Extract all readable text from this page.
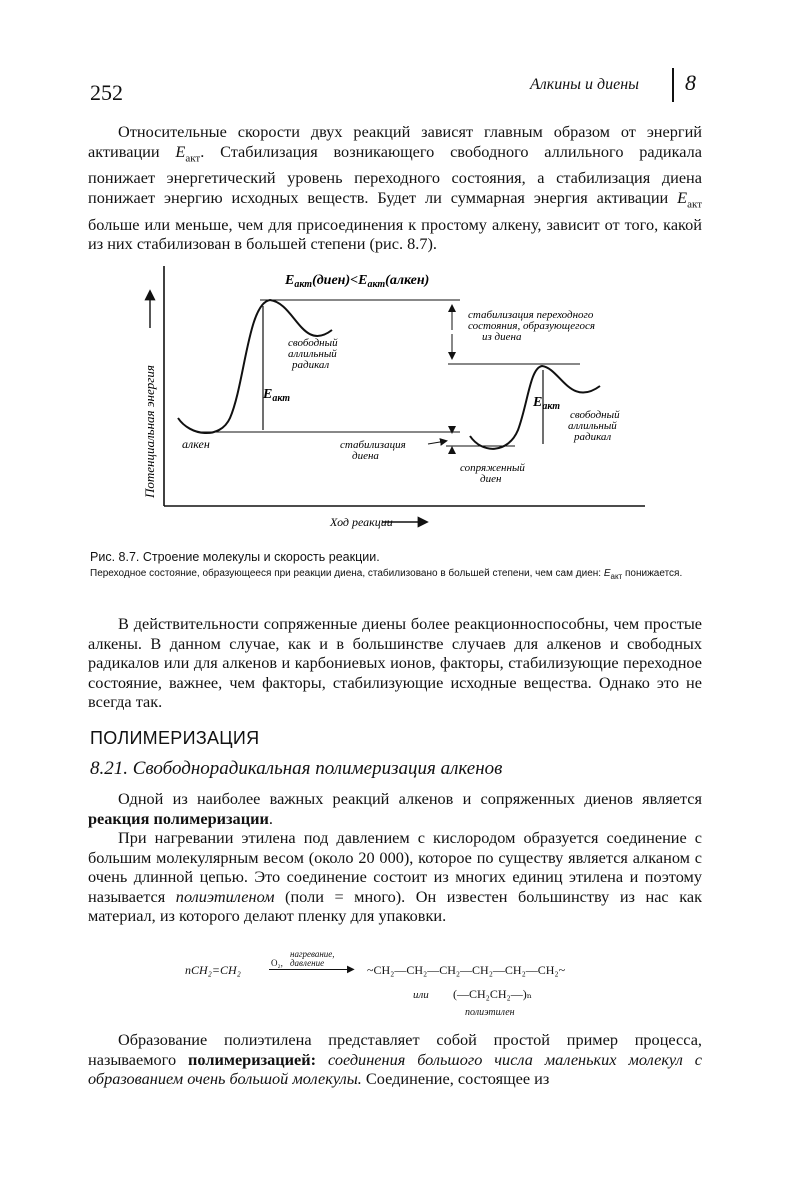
252	Алкины и диены 8

Относительные скорости двух реакций зависят главным образом от энергий активации $E_{акт}$. Стабилизация возникающего свободного аллильного радикала понижает энергетический уровень переходного состояния, а стабилизация диена понижает энергию исходных веществ. Будет ли суммарная энергия активации $E_{акт}$ больше или меньше, чем для присоединения к простому алкену, зависит от того, какой из них стабилизован в большей степени (рис. 8.7).

$E_{акт}(диен)<E_{акт}(алкен)$
Потенциальная энергия
Ход реакции
свободный аллильный радикал
$E_{акт}$
алкен
стабилизация переходного состояния, образующегося из диена
$E_{акт}$
свободный аллильный радикал
сопряженный диен
стабилизация диена
Рис. 8.7. Строение молекулы и скорость реакции.
Переходное состояние, образующееся при реакции диена, стабилизовано в большей степени, чем сам диен: $E_{акт}$ понижается.

В действительности сопряженные диены более реакционноспособны, чем простые алкены. В данном случае, как и в большинстве случаев для алкенов и свободных радикалов или для алкенов и карбониевых ионов, факторы, стабилизующие переходное состояние, важнее, чем факторы, стабилизующие исходные вещества. Однако это не всегда так.

ПОЛИМЕРИЗАЦИЯ
8.21. Свободнорадикальная полимеризация алкенов

Одной из наиболее важных реакций алкенов и сопряженных диенов является реакция полимеризации.

При нагревании этилена под давлением с кислородом образуется соединение с большим молекулярным весом (около 20 000), которое по существу является алканом с очень длинной цепью. Это соединение состоит из многих единиц этилена и поэтому называется полиэтиленом (поли = много). Он известен большинству из нас как материал, из которого делают пленку для упаковки.

nCH₂=CH₂
нагревание,
O₂, давление
▶ ~CH₂—CH₂—CH₂—CH₂—CH₂—CH₂~
или (—CH₂CH₂—)ₙ
полиэтилен

Образование полиэтилена представляет собой простой пример процесса, называемого полимеризацией: соединения большого числа маленьких молекул с образованием очень большой молекулы. Соединение, состоящее из
